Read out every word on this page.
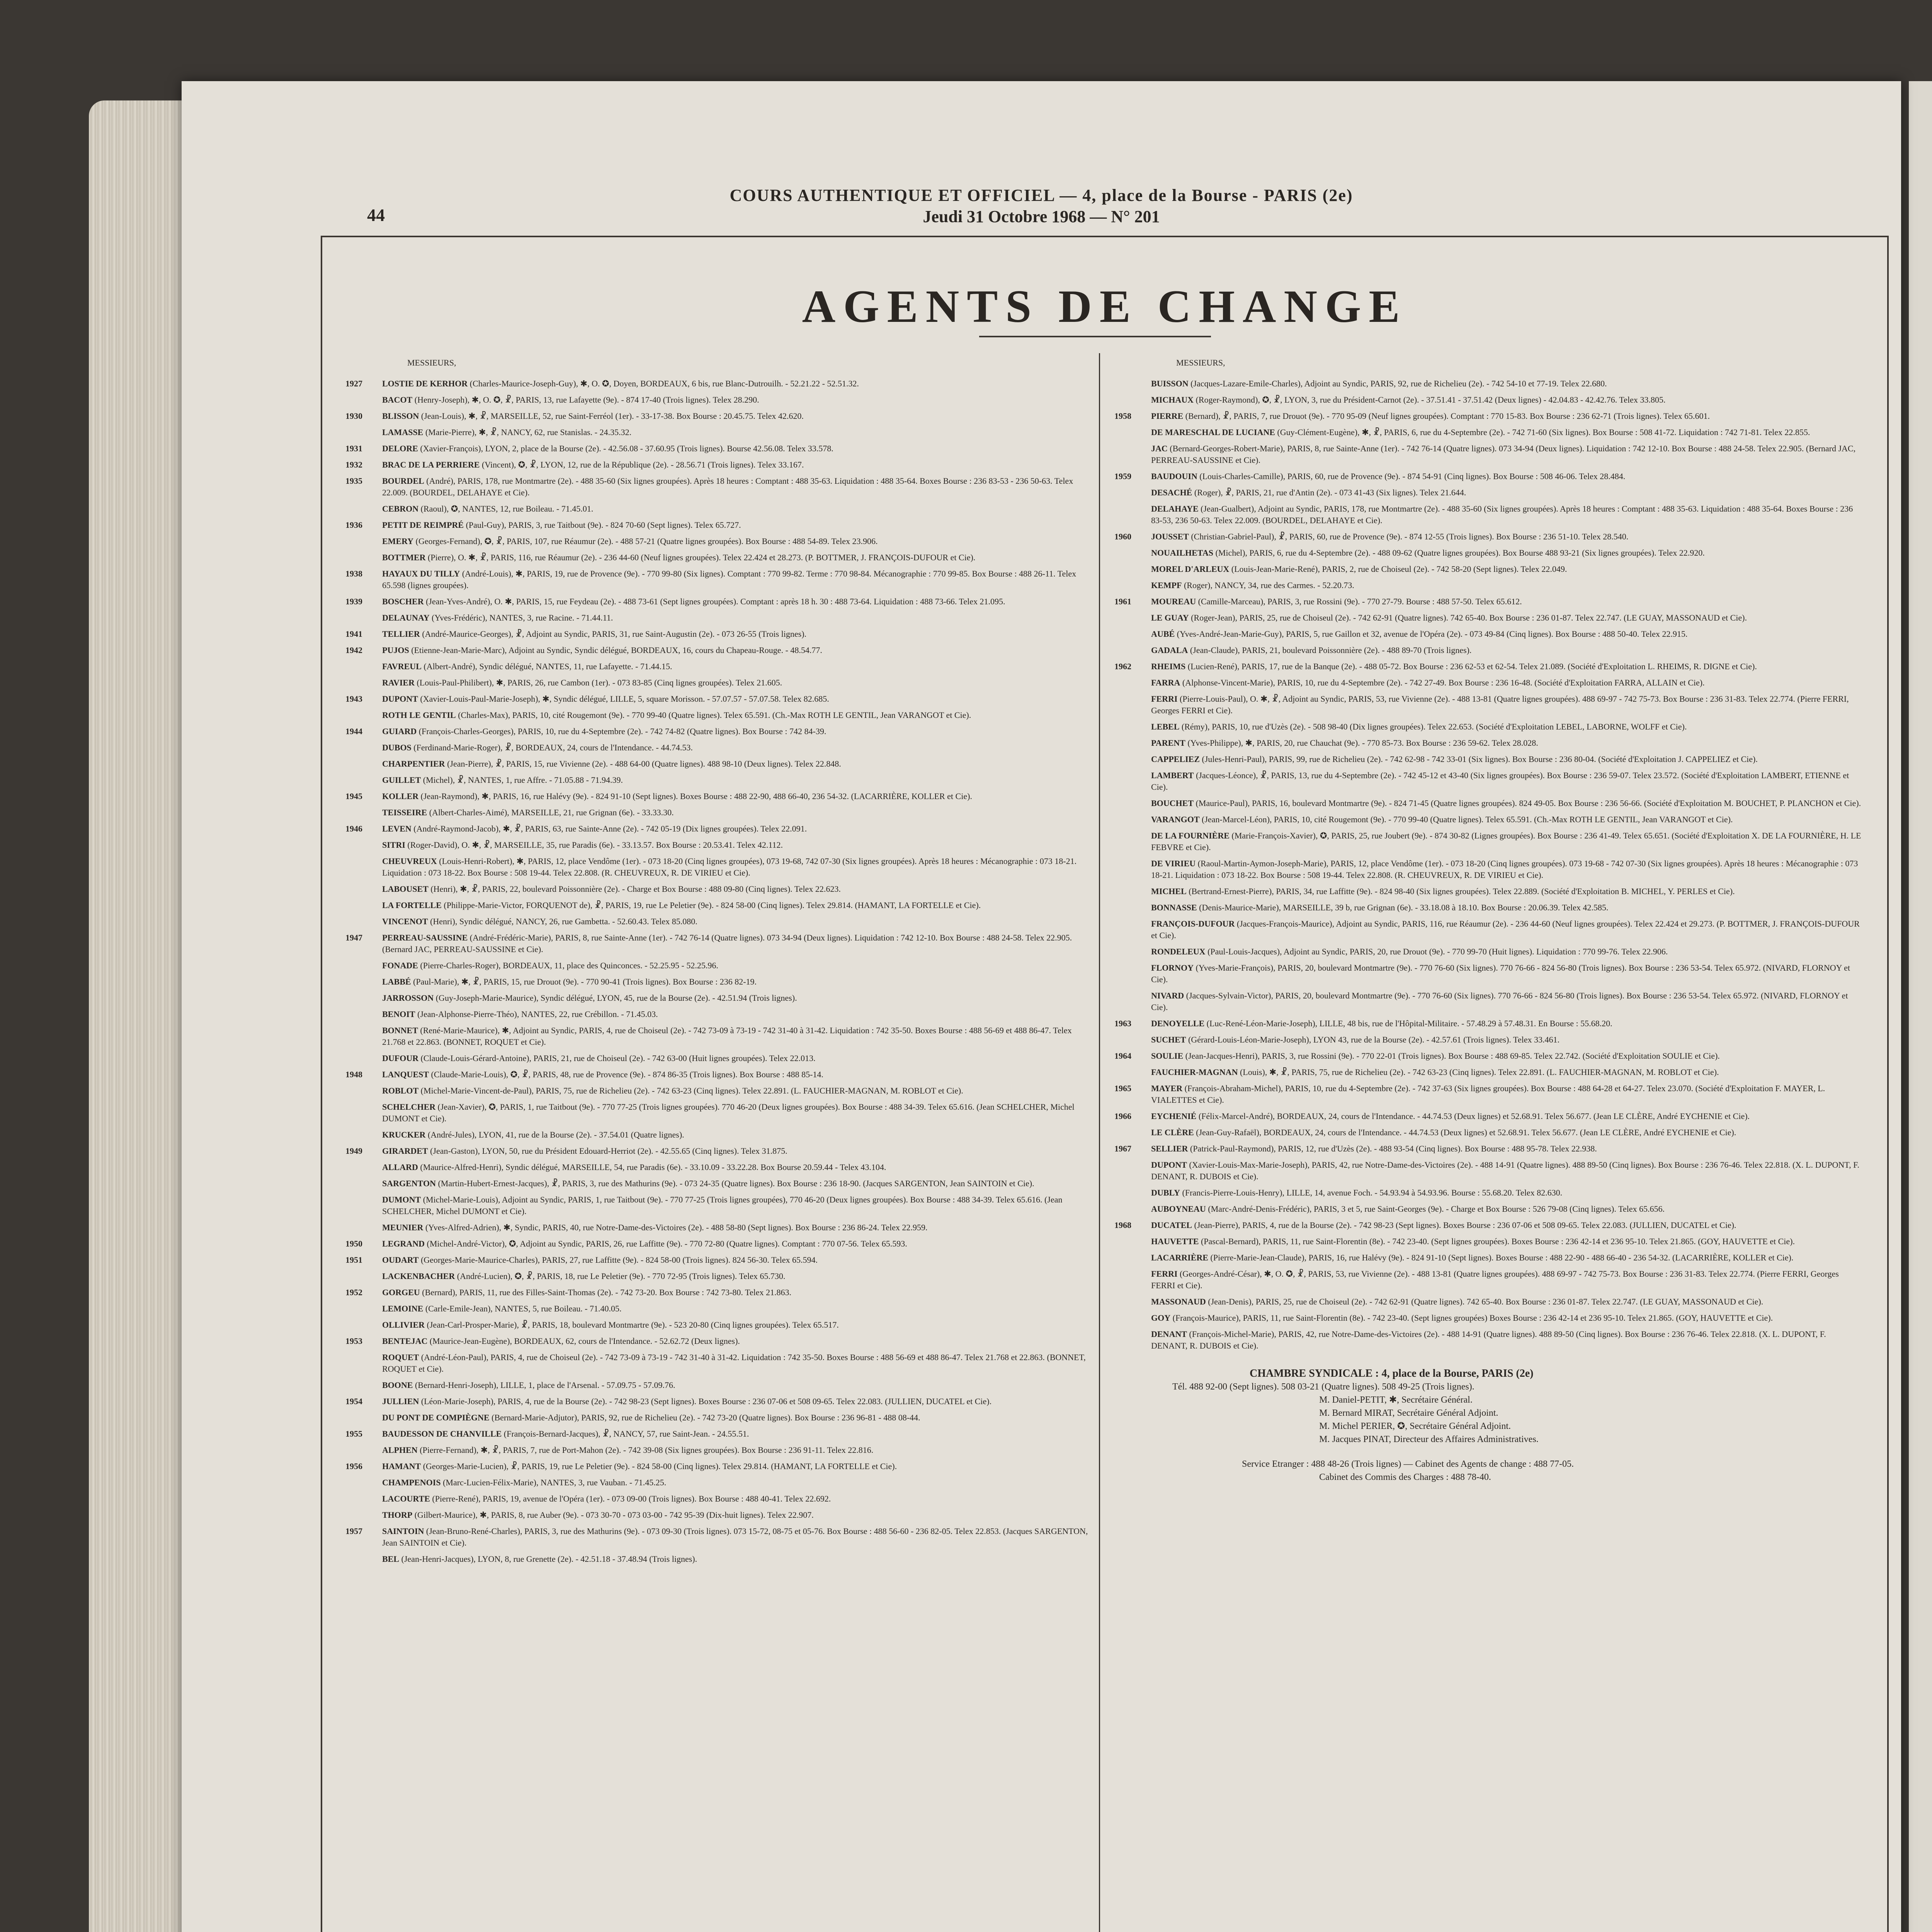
44
COURS AUTHENTIQUE ET OFFICIEL — 4, place de la Bourse - PARIS (2e)
Jeudi 31 Octobre 1968 — N° 201
AGENTS DE CHANGE
MESSIEURS,
1927	LOSTIE DE KERHOR (Charles-Maurice-Joseph-Guy), ✱, O. ✪, Doyen, BORDEAUX, 6 bis, rue Blanc-Dutrouilh. - 52.21.22 - 52.51.32.
BACOT (Henry-Joseph), ✱, O. ✪, ☧, PARIS, 13, rue Lafayette (9e). - 874 17-40 (Trois lignes). Telex 28.290.
1930	BLISSON (Jean-Louis), ✱, ☧, MARSEILLE, 52, rue Saint-Ferréol (1er). - 33-17-38. Box Bourse : 20.45.75. Telex 42.620.
LAMASSE (Marie-Pierre), ✱, ☧, NANCY, 62, rue Stanislas. - 24.35.32.
1931	DELORE (Xavier-François), LYON, 2, place de la Bourse (2e). - 42.56.08 - 37.60.95 (Trois lignes). Bourse 42.56.08. Telex 33.578.
1932	BRAC DE LA PERRIERE (Vincent), ✪, ☧, LYON, 12, rue de la République (2e). - 28.56.71 (Trois lignes). Telex 33.167.
1935	BOURDEL (André), PARIS, 178, rue Montmartre (2e). - 488 35-60 (Six lignes groupées). Après 18 heures : Comptant : 488 35-63. Liquidation : 488 35-64. Boxes Bourse : 236 83-53 - 236 50-63. Telex 22.009. (BOURDEL, DELAHAYE et Cie).
CEBRON (Raoul), ✪, NANTES, 12, rue Boileau. - 71.45.01.
1936	PETIT DE REIMPRÉ (Paul-Guy), PARIS, 3, rue Taitbout (9e). - 824 70-60 (Sept lignes). Telex 65.727.
EMERY (Georges-Fernand), ✪, ☧, PARIS, 107, rue Réaumur (2e). - 488 57-21 (Quatre lignes groupées). Box Bourse : 488 54-89. Telex 23.906.
BOTTMER (Pierre), O. ✱, ☧, PARIS, 116, rue Réaumur (2e). - 236 44-60 (Neuf lignes groupées). Telex 22.424 et 28.273. (P. BOTTMER, J. FRANÇOIS-DUFOUR et Cie).
1938	HAYAUX DU TILLY (André-Louis), ✱, PARIS, 19, rue de Provence (9e). - 770 99-80 (Six lignes). Comptant : 770 99-82. Terme : 770 98-84. Mécanographie : 770 99-85. Box Bourse : 488 26-11. Telex 65.598 (lignes groupées).
1939	BOSCHER (Jean-Yves-André), O. ✱, PARIS, 15, rue Feydeau (2e). - 488 73-61 (Sept lignes groupées). Comptant : après 18 h. 30 : 488 73-64. Liquidation : 488 73-66. Telex 21.095.
DELAUNAY (Yves-Frédéric), NANTES, 3, rue Racine. - 71.44.11.
1941	TELLIER (André-Maurice-Georges), ☧, Adjoint au Syndic, PARIS, 31, rue Saint-Augustin (2e). - 073 26-55 (Trois lignes).
1942	PUJOS (Etienne-Jean-Marie-Marc), Adjoint au Syndic, Syndic délégué, BORDEAUX, 16, cours du Chapeau-Rouge. - 48.54.77.
FAVREUL (Albert-André), Syndic délégué, NANTES, 11, rue Lafayette. - 71.44.15.
RAVIER (Louis-Paul-Philibert), ✱, PARIS, 26, rue Cambon (1er). - 073 83-85 (Cinq lignes groupées). Telex 21.605.
1943	DUPONT (Xavier-Louis-Paul-Marie-Joseph), ✱, Syndic délégué, LILLE, 5, square Morisson. - 57.07.57 - 57.07.58. Telex 82.685.
ROTH LE GENTIL (Charles-Max), PARIS, 10, cité Rougemont (9e). - 770 99-40 (Quatre lignes). Telex 65.591. (Ch.-Max ROTH LE GENTIL, Jean VARANGOT et Cie).
1944	GUIARD (François-Charles-Georges), PARIS, 10, rue du 4-Septembre (2e). - 742 74-82 (Quatre lignes). Box Bourse : 742 84-39.
DUBOS (Ferdinand-Marie-Roger), ☧, BORDEAUX, 24, cours de l'Intendance. - 44.74.53.
CHARPENTIER (Jean-Pierre), ☧, PARIS, 15, rue Vivienne (2e). - 488 64-00 (Quatre lignes). 488 98-10 (Deux lignes). Telex 22.848.
GUILLET (Michel), ☧, NANTES, 1, rue Affre. - 71.05.88 - 71.94.39.
1945	KOLLER (Jean-Raymond), ✱, PARIS, 16, rue Halévy (9e). - 824 91-10 (Sept lignes). Boxes Bourse : 488 22-90, 488 66-40, 236 54-32. (LACARRIÈRE, KOLLER et Cie).
TEISSEIRE (Albert-Charles-Aimé), MARSEILLE, 21, rue Grignan (6e). - 33.33.30.
1946	LEVEN (André-Raymond-Jacob), ✱, ☧, PARIS, 63, rue Sainte-Anne (2e). - 742 05-19 (Dix lignes groupées). Telex 22.091.
SITRI (Roger-David), O. ✱, ☧, MARSEILLE, 35, rue Paradis (6e). - 33.13.57. Box Bourse : 20.53.41. Telex 42.112.
CHEUVREUX (Louis-Henri-Robert), ✱, PARIS, 12, place Vendôme (1er). - 073 18-20 (Cinq lignes groupées), 073 19-68, 742 07-30 (Six lignes groupées). Après 18 heures : Mécanographie : 073 18-21. Liquidation : 073 18-22. Box Bourse : 508 19-44. Telex 22.808. (R. CHEUVREUX, R. DE VIRIEU et Cie).
LABOUSET (Henri), ✱, ☧, PARIS, 22, boulevard Poissonnière (2e). - Charge et Box Bourse : 488 09-80 (Cinq lignes). Telex 22.623.
LA FORTELLE (Philippe-Marie-Victor, FORQUENOT de), ☧, PARIS, 19, rue Le Peletier (9e). - 824 58-00 (Cinq lignes). Telex 29.814. (HAMANT, LA FORTELLE et Cie).
VINCENOT (Henri), Syndic délégué, NANCY, 26, rue Gambetta. - 52.60.43. Telex 85.080.
1947	PERREAU-SAUSSINE (André-Frédéric-Marie), PARIS, 8, rue Sainte-Anne (1er). - 742 76-14 (Quatre lignes). 073 34-94 (Deux lignes). Liquidation : 742 12-10. Box Bourse : 488 24-58. Telex 22.905. (Bernard JAC, PERREAU-SAUSSINE et Cie).
FONADE (Pierre-Charles-Roger), BORDEAUX, 11, place des Quinconces. - 52.25.95 - 52.25.96.
LABBÉ (Paul-Marie), ✱, ☧, PARIS, 15, rue Drouot (9e). - 770 90-41 (Trois lignes). Box Bourse : 236 82-19.
JARROSSON (Guy-Joseph-Marie-Maurice), Syndic délégué, LYON, 45, rue de la Bourse (2e). - 42.51.94 (Trois lignes).
BENOIT (Jean-Alphonse-Pierre-Théo), NANTES, 22, rue Crébillon. - 71.45.03.
BONNET (René-Marie-Maurice), ✱, Adjoint au Syndic, PARIS, 4, rue de Choiseul (2e). - 742 73-09 à 73-19 - 742 31-40 à 31-42. Liquidation : 742 35-50. Boxes Bourse : 488 56-69 et 488 86-47. Telex 21.768 et 22.863. (BONNET, ROQUET et Cie).
DUFOUR (Claude-Louis-Gérard-Antoine), PARIS, 21, rue de Choiseul (2e). - 742 63-00 (Huit lignes groupées). Telex 22.013.
1948	LANQUEST (Claude-Marie-Louis), ✪, ☧, PARIS, 48, rue de Provence (9e). - 874 86-35 (Trois lignes). Box Bourse : 488 85-14.
ROBLOT (Michel-Marie-Vincent-de-Paul), PARIS, 75, rue de Richelieu (2e). - 742 63-23 (Cinq lignes). Telex 22.891. (L. FAUCHIER-MAGNAN, M. ROBLOT et Cie).
SCHELCHER (Jean-Xavier), ✪, PARIS, 1, rue Taitbout (9e). - 770 77-25 (Trois lignes groupées). 770 46-20 (Deux lignes groupées). Box Bourse : 488 34-39. Telex 65.616. (Jean SCHELCHER, Michel DUMONT et Cie).
KRUCKER (André-Jules), LYON, 41, rue de la Bourse (2e). - 37.54.01 (Quatre lignes).
1949	GIRARDET (Jean-Gaston), LYON, 50, rue du Président Edouard-Herriot (2e). - 42.55.65 (Cinq lignes). Telex 31.875.
ALLARD (Maurice-Alfred-Henri), Syndic délégué, MARSEILLE, 54, rue Paradis (6e). - 33.10.09 - 33.22.28. Box Bourse 20.59.44 - Telex 43.104.
SARGENTON (Martin-Hubert-Ernest-Jacques), ☧, PARIS, 3, rue des Mathurins (9e). - 073 24-35 (Quatre lignes). Box Bourse : 236 18-90. (Jacques SARGENTON, Jean SAINTOIN et Cie).
DUMONT (Michel-Marie-Louis), Adjoint au Syndic, PARIS, 1, rue Taitbout (9e). - 770 77-25 (Trois lignes groupées), 770 46-20 (Deux lignes groupées). Box Bourse : 488 34-39. Telex 65.616. (Jean SCHELCHER, Michel DUMONT et Cie).
MEUNIER (Yves-Alfred-Adrien), ✱, Syndic, PARIS, 40, rue Notre-Dame-des-Victoires (2e). - 488 58-80 (Sept lignes). Box Bourse : 236 86-24. Telex 22.959.
1950	LEGRAND (Michel-André-Victor), ✪, Adjoint au Syndic, PARIS, 26, rue Laffitte (9e). - 770 72-80 (Quatre lignes). Comptant : 770 07-56. Telex 65.593.
1951	OUDART (Georges-Marie-Maurice-Charles), PARIS, 27, rue Laffitte (9e). - 824 58-00 (Trois lignes). 824 56-30. Telex 65.594.
LACKENBACHER (André-Lucien), ✪, ☧, PARIS, 18, rue Le Peletier (9e). - 770 72-95 (Trois lignes). Telex 65.730.
1952	GORGEU (Bernard), PARIS, 11, rue des Filles-Saint-Thomas (2e). - 742 73-20. Box Bourse : 742 73-80. Telex 21.863.
LEMOINE (Carle-Emile-Jean), NANTES, 5, rue Boileau. - 71.40.05.
OLLIVIER (Jean-Carl-Prosper-Marie), ☧, PARIS, 18, boulevard Montmartre (9e). - 523 20-80 (Cinq lignes groupées). Telex 65.517.
1953	BENTEJAC (Maurice-Jean-Eugène), BORDEAUX, 62, cours de l'Intendance. - 52.62.72 (Deux lignes).
ROQUET (André-Léon-Paul), PARIS, 4, rue de Choiseul (2e). - 742 73-09 à 73-19 - 742 31-40 à 31-42. Liquidation : 742 35-50. Boxes Bourse : 488 56-69 et 488 86-47. Telex 21.768 et 22.863. (BONNET, ROQUET et Cie).
BOONE (Bernard-Henri-Joseph), LILLE, 1, place de l'Arsenal. - 57.09.75 - 57.09.76.
1954	JULLIEN (Léon-Marie-Joseph), PARIS, 4, rue de la Bourse (2e). - 742 98-23 (Sept lignes). Boxes Bourse : 236 07-06 et 508 09-65. Telex 22.083. (JULLIEN, DUCATEL et Cie).
DU PONT DE COMPIÈGNE (Bernard-Marie-Adjutor), PARIS, 92, rue de Richelieu (2e). - 742 73-20 (Quatre lignes). Box Bourse : 236 96-81 - 488 08-44.
1955	BAUDESSON DE CHANVILLE (François-Bernard-Jacques), ☧, NANCY, 57, rue Saint-Jean. - 24.55.51.
ALPHEN (Pierre-Fernand), ✱, ☧, PARIS, 7, rue de Port-Mahon (2e). - 742 39-08 (Six lignes groupées). Box Bourse : 236 91-11. Telex 22.816.
1956	HAMANT (Georges-Marie-Lucien), ☧, PARIS, 19, rue Le Peletier (9e). - 824 58-00 (Cinq lignes). Telex 29.814. (HAMANT, LA FORTELLE et Cie).
CHAMPENOIS (Marc-Lucien-Félix-Marie), NANTES, 3, rue Vauban. - 71.45.25.
LACOURTE (Pierre-René), PARIS, 19, avenue de l'Opéra (1er). - 073 09-00 (Trois lignes). Box Bourse : 488 40-41. Telex 22.692.
THORP (Gilbert-Maurice), ✱, PARIS, 8, rue Auber (9e). - 073 30-70 - 073 03-00 - 742 95-39 (Dix-huit lignes). Telex 22.907.
1957	SAINTOIN (Jean-Bruno-René-Charles), PARIS, 3, rue des Mathurins (9e). - 073 09-30 (Trois lignes). 073 15-72, 08-75 et 05-76. Box Bourse : 488 56-60 - 236 82-05. Telex 22.853. (Jacques SARGENTON, Jean SAINTOIN et Cie).
BEL (Jean-Henri-Jacques), LYON, 8, rue Grenette (2e). - 42.51.18 - 37.48.94 (Trois lignes).
MESSIEURS,
BUISSON (Jacques-Lazare-Emile-Charles), Adjoint au Syndic, PARIS, 92, rue de Richelieu (2e). - 742 54-10 et 77-19. Telex 22.680.
MICHAUX (Roger-Raymond), ✪, ☧, LYON, 3, rue du Président-Carnot (2e). - 37.51.41 - 37.51.42 (Deux lignes) - 42.04.83 - 42.42.76. Telex 33.805.
1958	PIERRE (Bernard), ☧, PARIS, 7, rue Drouot (9e). - 770 95-09 (Neuf lignes groupées). Comptant : 770 15-83. Box Bourse : 236 62-71 (Trois lignes). Telex 65.601.
DE MARESCHAL DE LUCIANE (Guy-Clément-Eugène), ✱, ☧, PARIS, 6, rue du 4-Septembre (2e). - 742 71-60 (Six lignes). Box Bourse : 508 41-72. Liquidation : 742 71-81. Telex 22.855.
JAC (Bernard-Georges-Robert-Marie), PARIS, 8, rue Sainte-Anne (1er). - 742 76-14 (Quatre lignes). 073 34-94 (Deux lignes). Liquidation : 742 12-10. Box Bourse : 488 24-58. Telex 22.905. (Bernard JAC, PERREAU-SAUSSINE et Cie).
1959	BAUDOUIN (Louis-Charles-Camille), PARIS, 60, rue de Provence (9e). - 874 54-91 (Cinq lignes). Box Bourse : 508 46-06. Telex 28.484.
DESACHÉ (Roger), ☧, PARIS, 21, rue d'Antin (2e). - 073 41-43 (Six lignes). Telex 21.644.
DELAHAYE (Jean-Gualbert), Adjoint au Syndic, PARIS, 178, rue Montmartre (2e). - 488 35-60 (Six lignes groupées). Après 18 heures : Comptant : 488 35-63. Liquidation : 488 35-64. Boxes Bourse : 236 83-53, 236 50-63. Telex 22.009. (BOURDEL, DELAHAYE et Cie).
1960	JOUSSET (Christian-Gabriel-Paul), ☧, PARIS, 60, rue de Provence (9e). - 874 12-55 (Trois lignes). Box Bourse : 236 51-10. Telex 28.540.
NOUAILHETAS (Michel), PARIS, 6, rue du 4-Septembre (2e). - 488 09-62 (Quatre lignes groupées). Box Bourse 488 93-21 (Six lignes groupées). Telex 22.920.
MOREL D'ARLEUX (Louis-Jean-Marie-René), PARIS, 2, rue de Choiseul (2e). - 742 58-20 (Sept lignes). Telex 22.049.
KEMPF (Roger), NANCY, 34, rue des Carmes. - 52.20.73.
1961	MOUREAU (Camille-Marceau), PARIS, 3, rue Rossini (9e). - 770 27-79. Bourse : 488 57-50. Telex 65.612.
LE GUAY (Roger-Jean), PARIS, 25, rue de Choiseul (2e). - 742 62-91 (Quatre lignes). 742 65-40. Box Bourse : 236 01-87. Telex 22.747. (LE GUAY, MASSONAUD et Cie).
AUBÉ (Yves-André-Jean-Marie-Guy), PARIS, 5, rue Gaillon et 32, avenue de l'Opéra (2e). - 073 49-84 (Cinq lignes). Box Bourse : 488 50-40. Telex 22.915.
GADALA (Jean-Claude), PARIS, 21, boulevard Poissonnière (2e). - 488 89-70 (Trois lignes).
1962	RHEIMS (Lucien-René), PARIS, 17, rue de la Banque (2e). - 488 05-72. Box Bourse : 236 62-53 et 62-54. Telex 21.089. (Société d'Exploitation L. RHEIMS, R. DIGNE et Cie).
FARRA (Alphonse-Vincent-Marie), PARIS, 10, rue du 4-Septembre (2e). - 742 27-49. Box Bourse : 236 16-48. (Société d'Exploitation FARRA, ALLAIN et Cie).
FERRI (Pierre-Louis-Paul), O. ✱, ☧, Adjoint au Syndic, PARIS, 53, rue Vivienne (2e). - 488 13-81 (Quatre lignes groupées). 488 69-97 - 742 75-73. Box Bourse : 236 31-83. Telex 22.774. (Pierre FERRI, Georges FERRI et Cie).
LEBEL (Rémy), PARIS, 10, rue d'Uzès (2e). - 508 98-40 (Dix lignes groupées). Telex 22.653. (Société d'Exploitation LEBEL, LABORNE, WOLFF et Cie).
PARENT (Yves-Philippe), ✱, PARIS, 20, rue Chauchat (9e). - 770 85-73. Box Bourse : 236 59-62. Telex 28.028.
CAPPELIEZ (Jules-Henri-Paul), PARIS, 99, rue de Richelieu (2e). - 742 62-98 - 742 33-01 (Six lignes). Box Bourse : 236 80-04. (Société d'Exploitation J. CAPPELIEZ et Cie).
LAMBERT (Jacques-Léonce), ☧, PARIS, 13, rue du 4-Septembre (2e). - 742 45-12 et 43-40 (Six lignes groupées). Box Bourse : 236 59-07. Telex 23.572. (Société d'Exploitation LAMBERT, ETIENNE et Cie).
BOUCHET (Maurice-Paul), PARIS, 16, boulevard Montmartre (9e). - 824 71-45 (Quatre lignes groupées). 824 49-05. Box Bourse : 236 56-66. (Société d'Exploitation M. BOUCHET, P. PLANCHON et Cie).
VARANGOT (Jean-Marcel-Léon), PARIS, 10, cité Rougemont (9e). - 770 99-40 (Quatre lignes). Telex 65.591. (Ch.-Max ROTH LE GENTIL, Jean VARANGOT et Cie).
DE LA FOURNIÈRE (Marie-François-Xavier), ✪, PARIS, 25, rue Joubert (9e). - 874 30-82 (Lignes groupées). Box Bourse : 236 41-49. Telex 65.651. (Société d'Exploitation X. DE LA FOURNIÈRE, H. LE FEBVRE et Cie).
DE VIRIEU (Raoul-Martin-Aymon-Joseph-Marie), PARIS, 12, place Vendôme (1er). - 073 18-20 (Cinq lignes groupées). 073 19-68 - 742 07-30 (Six lignes groupées). Après 18 heures : Mécanographie : 073 18-21. Liquidation : 073 18-22. Box Bourse : 508 19-44. Telex 22.808. (R. CHEUVREUX, R. DE VIRIEU et Cie).
MICHEL (Bertrand-Ernest-Pierre), PARIS, 34, rue Laffitte (9e). - 824 98-40 (Six lignes groupées). Telex 22.889. (Société d'Exploitation B. MICHEL, Y. PERLES et Cie).
BONNASSE (Denis-Maurice-Marie), MARSEILLE, 39 b, rue Grignan (6e). - 33.18.08 à 18.10. Box Bourse : 20.06.39. Telex 42.585.
FRANÇOIS-DUFOUR (Jacques-François-Maurice), Adjoint au Syndic, PARIS, 116, rue Réaumur (2e). - 236 44-60 (Neuf lignes groupées). Telex 22.424 et 29.273. (P. BOTTMER, J. FRANÇOIS-DUFOUR et Cie).
RONDELEUX (Paul-Louis-Jacques), Adjoint au Syndic, PARIS, 20, rue Drouot (9e). - 770 99-70 (Huit lignes). Liquidation : 770 99-76. Telex 22.906.
FLORNOY (Yves-Marie-François), PARIS, 20, boulevard Montmartre (9e). - 770 76-60 (Six lignes). 770 76-66 - 824 56-80 (Trois lignes). Box Bourse : 236 53-54. Telex 65.972. (NIVARD, FLORNOY et Cie).
NIVARD (Jacques-Sylvain-Victor), PARIS, 20, boulevard Montmartre (9e). - 770 76-60 (Six lignes). 770 76-66 - 824 56-80 (Trois lignes). Box Bourse : 236 53-54. Telex 65.972. (NIVARD, FLORNOY et Cie).
1963	DENOYELLE (Luc-René-Léon-Marie-Joseph), LILLE, 48 bis, rue de l'Hôpital-Militaire. - 57.48.29 à 57.48.31. En Bourse : 55.68.20.
SUCHET (Gérard-Louis-Léon-Marie-Joseph), LYON 43, rue de la Bourse (2e). - 42.57.61 (Trois lignes). Telex 33.461.
1964	SOULIE (Jean-Jacques-Henri), PARIS, 3, rue Rossini (9e). - 770 22-01 (Trois lignes). Box Bourse : 488 69-85. Telex 22.742. (Société d'Exploitation SOULIE et Cie).
FAUCHIER-MAGNAN (Louis), ✱, ☧, PARIS, 75, rue de Richelieu (2e). - 742 63-23 (Cinq lignes). Telex 22.891. (L. FAUCHIER-MAGNAN, M. ROBLOT et Cie).
1965	MAYER (François-Abraham-Michel), PARIS, 10, rue du 4-Septembre (2e). - 742 37-63 (Six lignes groupées). Box Bourse : 488 64-28 et 64-27. Telex 23.070. (Société d'Exploitation F. MAYER, L. VIALETTES et Cie).
1966	EYCHENIÉ (Félix-Marcel-André), BORDEAUX, 24, cours de l'Intendance. - 44.74.53 (Deux lignes) et 52.68.91. Telex 56.677. (Jean LE CLÈRE, André EYCHENIE et Cie).
LE CLÈRE (Jean-Guy-Rafaël), BORDEAUX, 24, cours de l'Intendance. - 44.74.53 (Deux lignes) et 52.68.91. Telex 56.677. (Jean LE CLÈRE, André EYCHENIE et Cie).
1967	SELLIER (Patrick-Paul-Raymond), PARIS, 12, rue d'Uzès (2e). - 488 93-54 (Cinq lignes). Box Bourse : 488 95-78. Telex 22.938.
DUPONT (Xavier-Louis-Max-Marie-Joseph), PARIS, 42, rue Notre-Dame-des-Victoires (2e). - 488 14-91 (Quatre lignes). 488 89-50 (Cinq lignes). Box Bourse : 236 76-46. Telex 22.818. (X. L. DUPONT, F. DENANT, R. DUBOIS et Cie).
DUBLY (Francis-Pierre-Louis-Henry), LILLE, 14, avenue Foch. - 54.93.94 à 54.93.96. Bourse : 55.68.20. Telex 82.630.
AUBOYNEAU (Marc-André-Denis-Frédéric), PARIS, 3 et 5, rue Saint-Georges (9e). - Charge et Box Bourse : 526 79-08 (Cinq lignes). Telex 65.656.
1968	DUCATEL (Jean-Pierre), PARIS, 4, rue de la Bourse (2e). - 742 98-23 (Sept lignes). Boxes Bourse : 236 07-06 et 508 09-65. Telex 22.083. (JULLIEN, DUCATEL et Cie).
HAUVETTE (Pascal-Bernard), PARIS, 11, rue Saint-Florentin (8e). - 742 23-40. (Sept lignes groupées). Boxes Bourse : 236 42-14 et 236 95-10. Telex 21.865. (GOY, HAUVETTE et Cie).
LACARRIÈRE (Pierre-Marie-Jean-Claude), PARIS, 16, rue Halévy (9e). - 824 91-10 (Sept lignes). Boxes Bourse : 488 22-90 - 488 66-40 - 236 54-32. (LACARRIÈRE, KOLLER et Cie).
FERRI (Georges-André-César), ✱, O. ✪, ☧, PARIS, 53, rue Vivienne (2e). - 488 13-81 (Quatre lignes groupées). 488 69-97 - 742 75-73. Box Bourse : 236 31-83. Telex 22.774. (Pierre FERRI, Georges FERRI et Cie).
MASSONAUD (Jean-Denis), PARIS, 25, rue de Choiseul (2e). - 742 62-91 (Quatre lignes). 742 65-40. Box Bourse : 236 01-87. Telex 22.747. (LE GUAY, MASSONAUD et Cie).
GOY (François-Maurice), PARIS, 11, rue Saint-Florentin (8e). - 742 23-40. (Sept lignes groupées) Boxes Bourse : 236 42-14 et 236 95-10. Telex 21.865. (GOY, HAUVETTE et Cie).
DENANT (François-Michel-Marie), PARIS, 42, rue Notre-Dame-des-Victoires (2e). - 488 14-91 (Quatre lignes). 488 89-50 (Cinq lignes). Box Bourse : 236 76-46. Telex 22.818. (X. L. DUPONT, F. DENANT, R. DUBOIS et Cie).
CHAMBRE SYNDICALE : 4, place de la Bourse, PARIS (2e)
Tél. 488 92-00 (Sept lignes). 508 03-21 (Quatre lignes). 508 49-25 (Trois lignes).
M. Daniel-PETIT, ✱, Secrétaire Général.
M. Bernard MIRAT, Secrétaire Général Adjoint.
M. Michel PERIER, ✪, Secrétaire Général Adjoint.
M. Jacques PINAT, Directeur des Affaires Administratives.
Service Etranger : 488 48-26 (Trois lignes) — Cabinet des Agents de change : 488 77-05.
Cabinet des Commis des Charges : 488 78-40.
